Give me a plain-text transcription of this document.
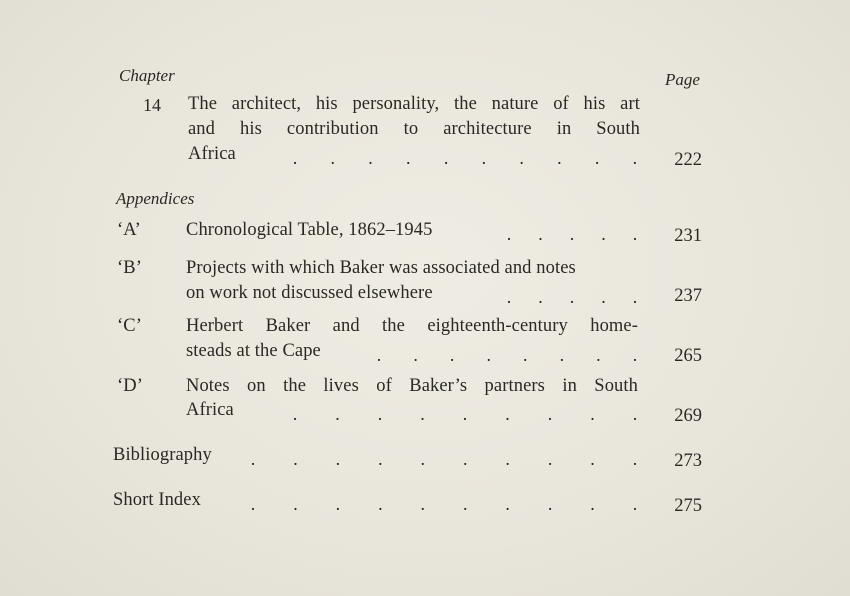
Chapter	Page
14 The architect, his personality, the nature of his art
and his contribution to architecture in South
Africa	. . . . . . . . . .	222
Appendices
‘A’ Chronological Table, 1862–1945	. . . . .	231
‘B’ Projects with which Baker was associated and notes
on work not discussed elsewhere	. . . . .	237
‘C’ Herbert Baker and the eighteenth-century home-
steads at the Cape	. . . . . . . .	265
‘D’ Notes on the lives of Baker’s partners in South
Africa	. . . . . . . . .	269
Bibliography . . . . . . . . . .	273
Short Index	. . . . . . . . . .	275
